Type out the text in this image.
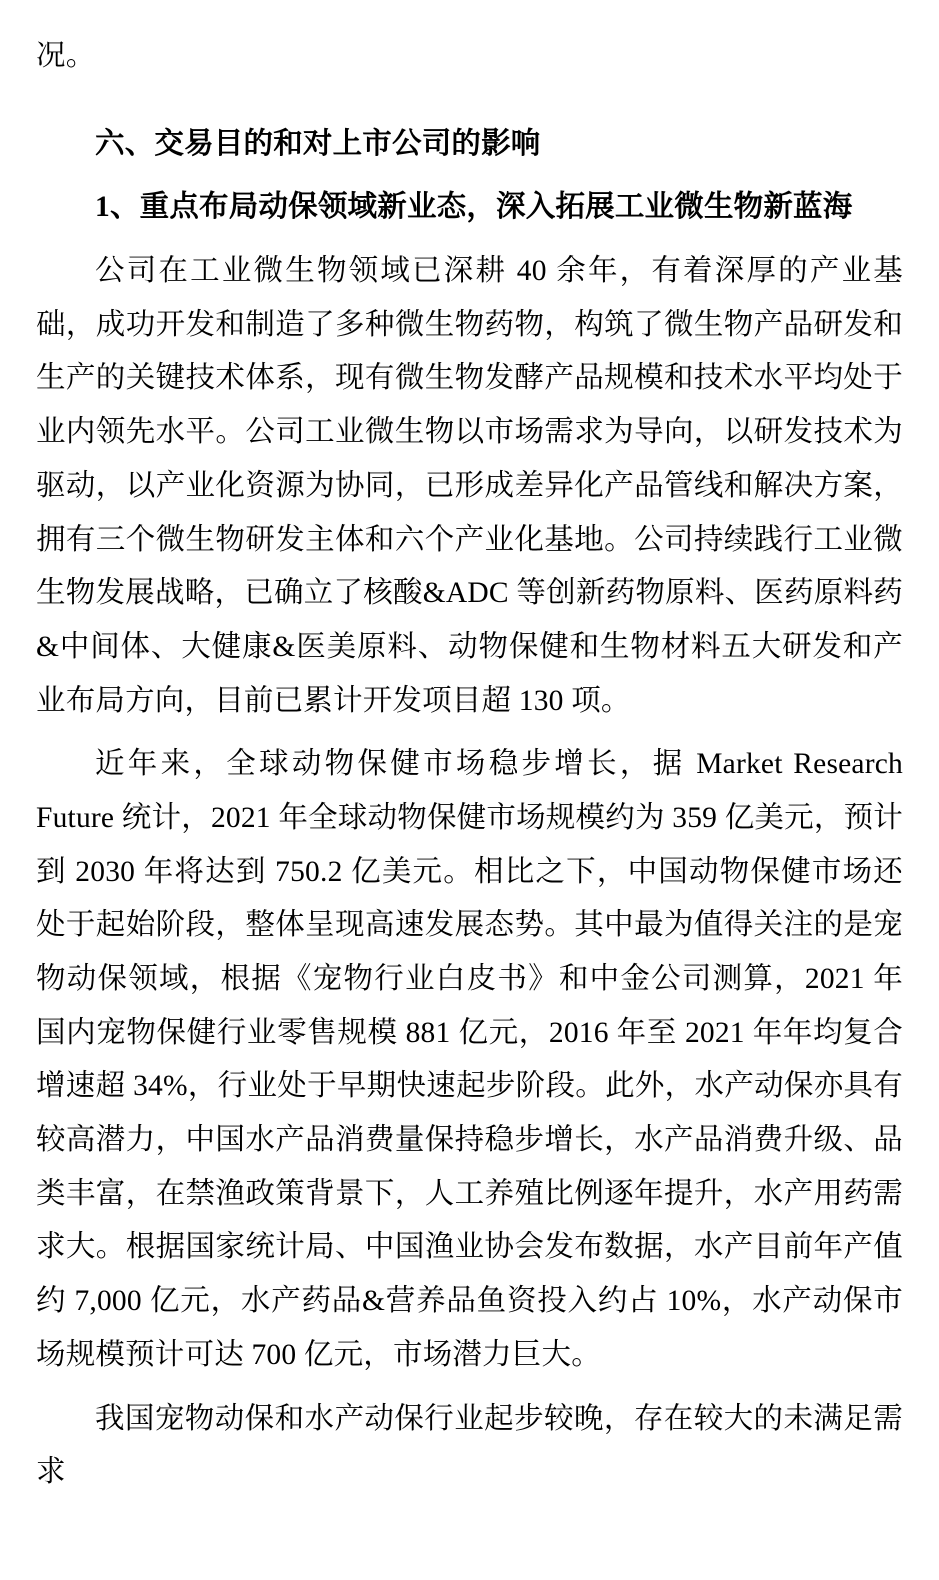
况。

六、交易目的和对上市公司的影响

1、重点布局动保领域新业态，深入拓展工业微生物新蓝海

公司在工业微生物领域已深耕 40 余年，有着深厚的产业基础，成功开发和制造了多种微生物药物，构筑了微生物产品研发和生产的关键技术体系，现有微生物发酵产品规模和技术水平均处于业内领先水平。公司工业微生物以市场需求为导向，以研发技术为驱动，以产业化资源为协同，已形成差异化产品管线和解决方案，拥有三个微生物研发主体和六个产业化基地。公司持续践行工业微生物发展战略，已确立了核酸&ADC 等创新药物原料、医药原料药&中间体、大健康&医美原料、动物保健和生物材料五大研发和产业布局方向，目前已累计开发项目超 130 项。

近年来，全球动物保健市场稳步增长，据 Market Research Future 统计，2021 年全球动物保健市场规模约为 359 亿美元，预计到 2030 年将达到 750.2 亿美元。相比之下，中国动物保健市场还处于起始阶段，整体呈现高速发展态势。其中最为值得关注的是宠物动保领域，根据《宠物行业白皮书》和中金公司测算，2021 年国内宠物保健行业零售规模 881 亿元，2016 年至 2021 年年均复合增速超 34%，行业处于早期快速起步阶段。此外，水产动保亦具有较高潜力，中国水产品消费量保持稳步增长，水产品消费升级、品类丰富，在禁渔政策背景下，人工养殖比例逐年提升，水产用药需求大。根据国家统计局、中国渔业协会发布数据，水产目前年产值约 7,000 亿元，水产药品&营养品鱼资投入约占 10%，水产动保市场规模预计可达 700 亿元，市场潜力巨大。

我国宠物动保和水产动保行业起步较晚，存在较大的未满足需求
